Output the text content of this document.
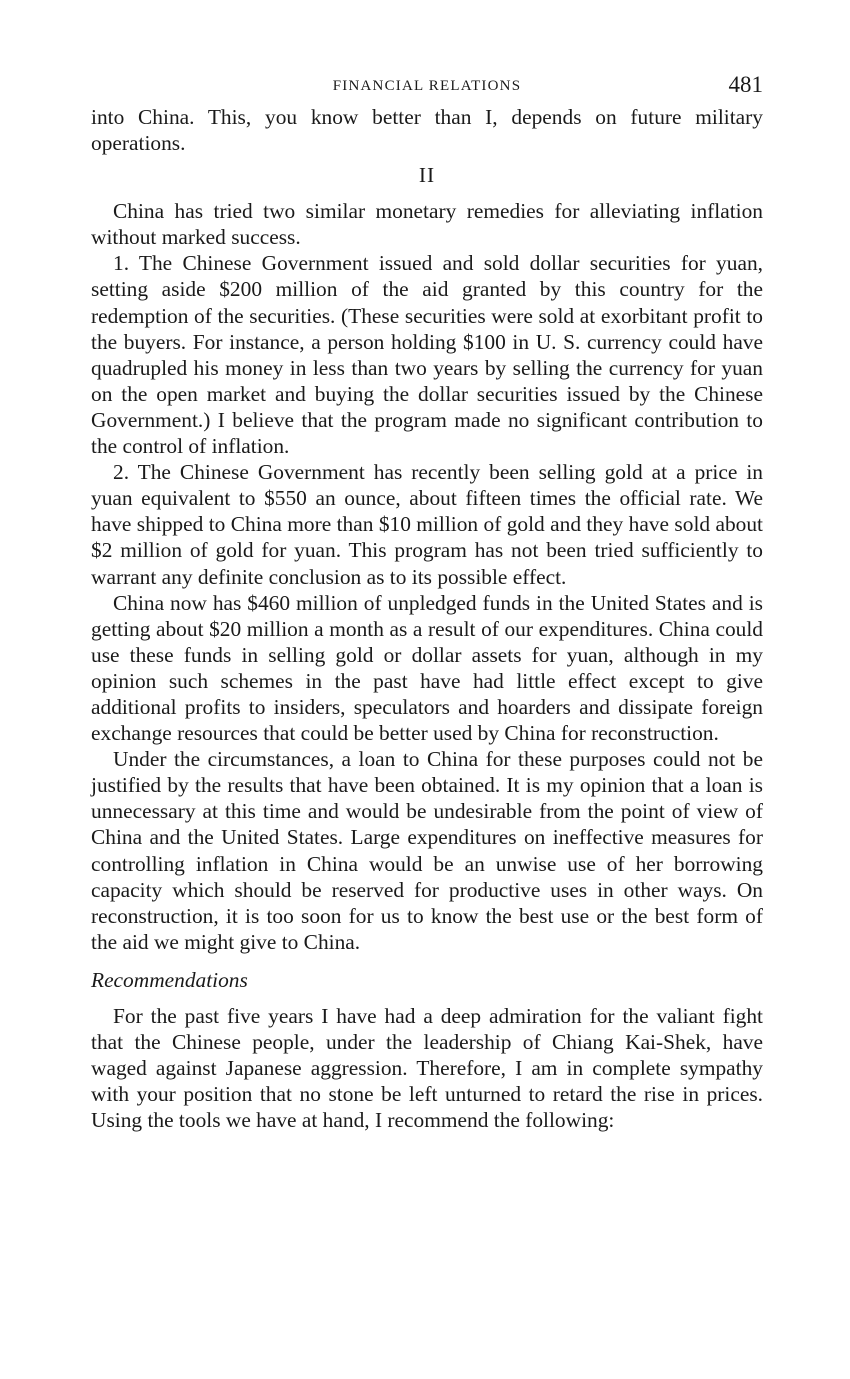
FINANCIAL RELATIONS	481

into China. This, you know better than I, depends on future military operations.

II

China has tried two similar monetary remedies for alleviating inflation without marked success.

1. The Chinese Government issued and sold dollar securities for yuan, setting aside $200 million of the aid granted by this country for the redemption of the securities. (These securities were sold at exorbitant profit to the buyers. For instance, a person holding $100 in U. S. currency could have quadrupled his money in less than two years by selling the currency for yuan on the open market and buying the dollar securities issued by the Chinese Government.) I believe that the program made no significant contribution to the control of inflation.

2. The Chinese Government has recently been selling gold at a price in yuan equivalent to $550 an ounce, about fifteen times the official rate. We have shipped to China more than $10 million of gold and they have sold about $2 million of gold for yuan. This program has not been tried sufficiently to warrant any definite conclusion as to its possible effect.

China now has $460 million of unpledged funds in the United States and is getting about $20 million a month as a result of our expenditures. China could use these funds in selling gold or dollar assets for yuan, although in my opinion such schemes in the past have had little effect except to give additional profits to insiders, speculators and hoarders and dissipate foreign exchange resources that could be better used by China for reconstruction.

Under the circumstances, a loan to China for these purposes could not be justified by the results that have been obtained. It is my opinion that a loan is unnecessary at this time and would be undesirable from the point of view of China and the United States. Large expenditures on ineffective measures for controlling inflation in China would be an unwise use of her borrowing capacity which should be reserved for productive uses in other ways. On reconstruction, it is too soon for us to know the best use or the best form of the aid we might give to China.

Recommendations

For the past five years I have had a deep admiration for the valiant fight that the Chinese people, under the leadership of Chiang Kai-Shek, have waged against Japanese aggression. Therefore, I am in complete sympathy with your position that no stone be left unturned to retard the rise in prices. Using the tools we have at hand, I recommend the following:
